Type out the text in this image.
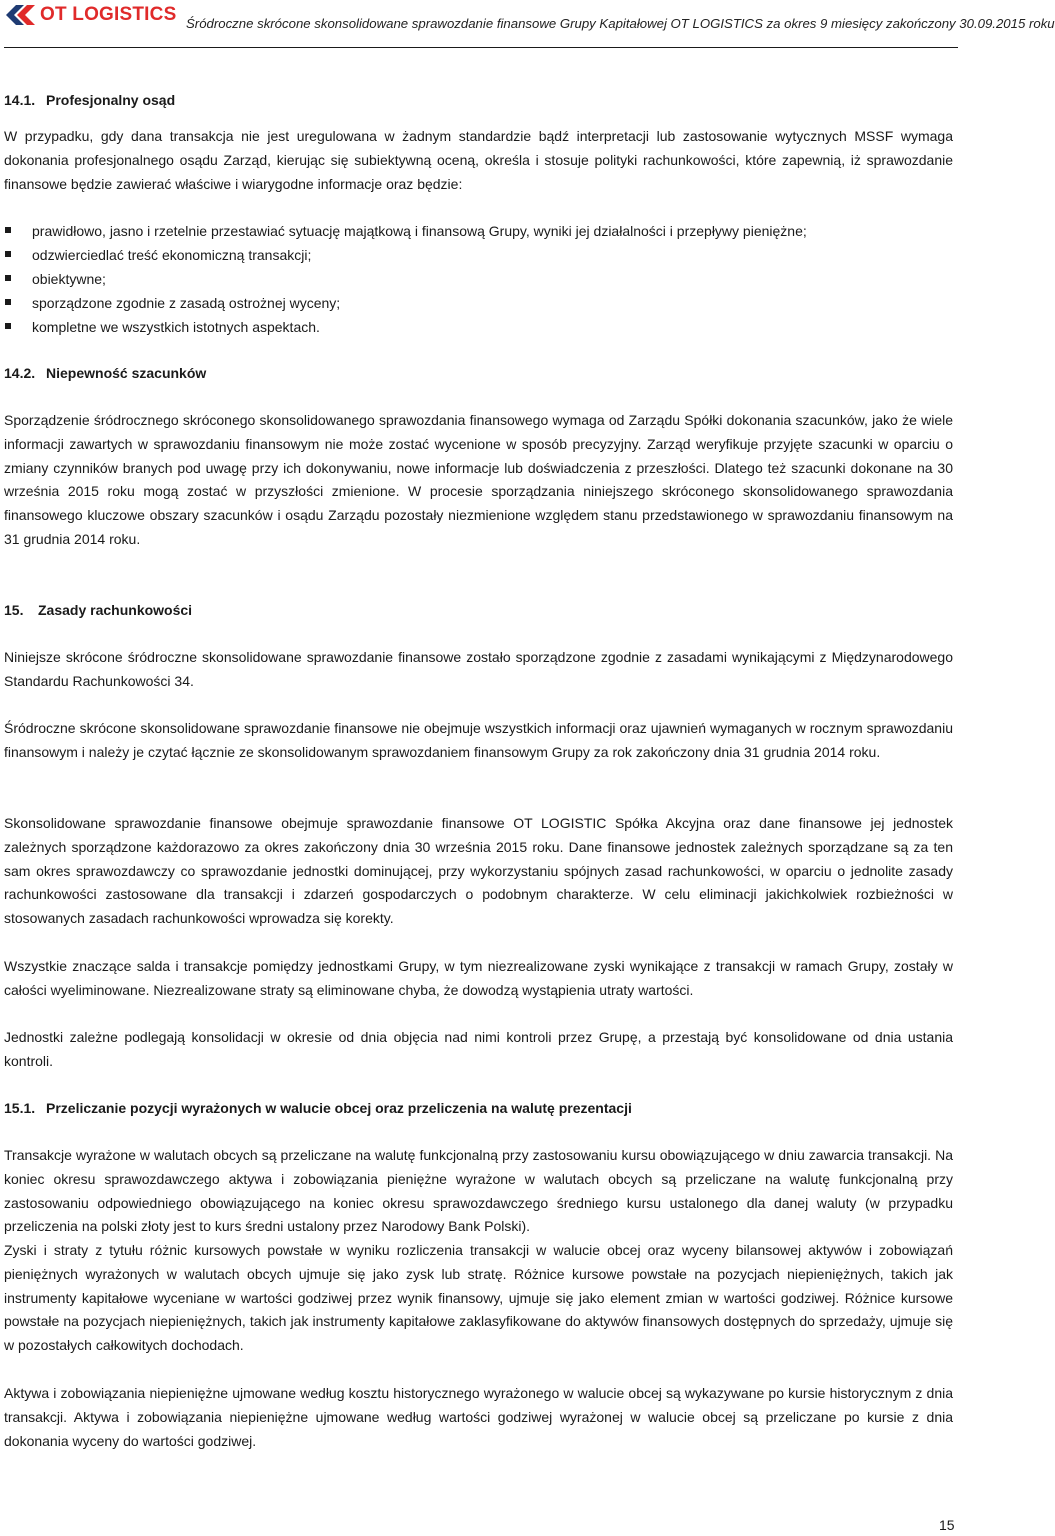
OT LOGISTICS Śródroczne skrócone skonsolidowane sprawozdanie finansowe Grupy Kapitałowej OT LOGISTICS za okres 9 miesięcy zakończony 30.09.2015 roku
14.1. Profesjonalny osąd
W przypadku, gdy dana transakcja nie jest uregulowana w żadnym standardzie bądź interpretacji lub zastosowanie wytycznych MSSF wymaga dokonania profesjonalnego osądu Zarząd, kierując się subiektywną oceną, określa i stosuje polityki rachunkowości, które zapewnią, iż sprawozdanie finansowe będzie zawierać właściwe i wiarygodne informacje oraz będzie:
prawidłowo, jasno i rzetelnie przestawiać sytuację majątkową i finansową Grupy, wyniki jej działalności i przepływy pieniężne;
odzwierciedlać treść ekonomiczną transakcji;
obiektywne;
sporządzone zgodnie z zasadą ostrożnej wyceny;
kompletne we wszystkich istotnych aspektach.
14.2. Niepewność szacunków
Sporządzenie śródrocznego skróconego skonsolidowanego sprawozdania finansowego wymaga od Zarządu Spółki dokonania szacunków, jako że wiele informacji zawartych w sprawozdaniu finansowym nie może zostać wycenione w sposób precyzyjny. Zarząd weryfikuje przyjęte szacunki w oparciu o zmiany czynników branych pod uwagę przy ich dokonywaniu, nowe informacje lub doświadczenia z przeszłości. Dlatego też szacunki dokonane na 30 września 2015 roku mogą zostać w przyszłości zmienione. W procesie sporządzania niniejszego skróconego skonsolidowanego sprawozdania finansowego kluczowe obszary szacunków i osądu Zarządu pozostały niezmienione względem stanu przedstawionego w sprawozdaniu finansowym na 31 grudnia 2014 roku.
15. Zasady rachunkowości
Niniejsze skrócone śródroczne skonsolidowane sprawozdanie finansowe zostało sporządzone zgodnie z zasadami wynikającymi z Międzynarodowego Standardu Rachunkowości 34.
Śródroczne skrócone skonsolidowane sprawozdanie finansowe nie obejmuje wszystkich informacji oraz ujawnień wymaganych w rocznym sprawozdaniu finansowym i należy je czytać łącznie ze skonsolidowanym sprawozdaniem finansowym Grupy za rok zakończony dnia 31 grudnia 2014 roku.
Skonsolidowane sprawozdanie finansowe obejmuje sprawozdanie finansowe OT LOGISTIC Spółka Akcyjna oraz dane finansowe jej jednostek zależnych sporządzone każdorazowo za okres zakończony dnia 30 września 2015 roku. Dane finansowe jednostek zależnych sporządzane są za ten sam okres sprawozdawczy co sprawozdanie jednostki dominującej, przy wykorzystaniu spójnych zasad rachunkowości, w oparciu o jednolite zasady rachunkowości zastosowane dla transakcji i zdarzeń gospodarczych o podobnym charakterze. W celu eliminacji jakichkolwiek rozbieżności w stosowanych zasadach rachunkowości wprowadza się korekty.
Wszystkie znaczące salda i transakcje pomiędzy jednostkami Grupy, w tym niezrealizowane zyski wynikające z transakcji w ramach Grupy, zostały w całości wyeliminowane. Niezrealizowane straty są eliminowane chyba, że dowodzą wystąpienia utraty wartości.
Jednostki zależne podlegają konsolidacji w okresie od dnia objęcia nad nimi kontroli przez Grupę, a przestają być konsolidowane od dnia ustania kontroli.
15.1. Przeliczanie pozycji wyrażonych w walucie obcej oraz przeliczenia na walutę prezentacji
Transakcje wyrażone w walutach obcych są przeliczane na walutę funkcjonalną przy zastosowaniu kursu obowiązującego w dniu zawarcia transakcji. Na koniec okresu sprawozdawczego aktywa i zobowiązania pieniężne wyrażone w walutach obcych są przeliczane na walutę funkcjonalną przy zastosowaniu odpowiedniego obowiązującego na koniec okresu sprawozdawczego średniego kursu ustalonego dla danej waluty (w przypadku przeliczenia na polski złoty jest to kurs średni ustalony przez Narodowy Bank Polski).
Zyski i straty z tytułu różnic kursowych powstałe w wyniku rozliczenia transakcji w walucie obcej oraz wyceny bilansowej aktywów i zobowiązań pieniężnych wyrażonych w walutach obcych ujmuje się jako zysk lub stratę. Różnice kursowe powstałe na pozycjach niepieniężnych, takich jak instrumenty kapitałowe wyceniane w wartości godziwej przez wynik finansowy, ujmuje się jako element zmian w wartości godziwej. Różnice kursowe powstałe na pozycjach niepieniężnych, takich jak instrumenty kapitałowe zaklasyfikowane do aktywów finansowych dostępnych do sprzedaży, ujmuje się w pozostałych całkowitych dochodach.
Aktywa i zobowiązania niepieniężne ujmowane według kosztu historycznego wyrażonego w walucie obcej są wykazywane po kursie historycznym z dnia transakcji. Aktywa i zobowiązania niepieniężne ujmowane według wartości godziwej wyrażonej w walucie obcej są przeliczane po kursie z dnia dokonania wyceny do wartości godziwej.
15
